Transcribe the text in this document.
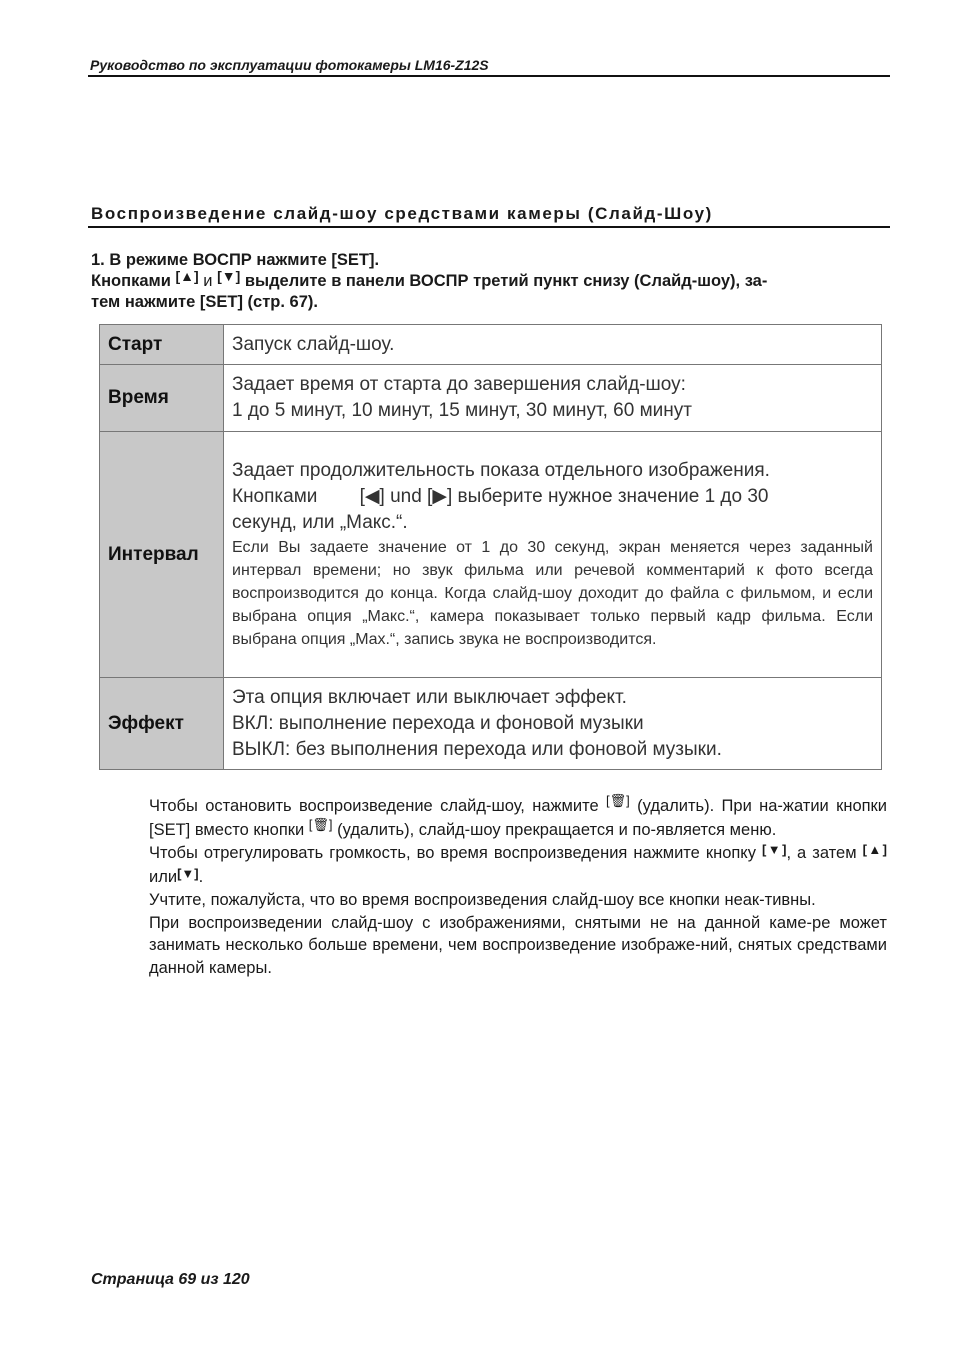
Руководство по эксплуатации фотокамеры LM16-Z12S
Воспроизведение слайд-шоу средствами камеры (Слайд-Шоу)

1. В режиме ВОСПР нажмите [SET].

Кнопками [▲] и [▼] выделите в панели ВОСПР третий пункт снизу (Слайд-шоу), за-

тем нажмите [SET] (стр. 67).

Старт	Запуск слайд-шоу.

Время	Задает время от старта до завершения слайд-шоу:
1 до 5 минут, 10 минут, 15 минут, 30 минут, 60 минут

Интервал	Задает продолжительность показа отдельного изображения.
Кнопками        [◀] und [▶] выберите нужное значение 1 до 30
секунд, или „Макс.“.
Если Вы задаете значение от 1 до 30 секунд, экран меняется через заданный интервал времени; но звук фильма или речевой комментарий к фото всегда воспроизводится до конца. Когда слайд-шоу доходит до файла с фильмом, и если выбрана опция „Макс.“, камера показывает только первый кадр фильма. Если выбрана опция „Max.“, запись звука не воспроизводится.

Эффект	Эта опция включает или выключает эффект.
ВКЛ: выполнение перехода и фоновой музыки
ВЫКЛ: без выполнения перехода или фоновой музыки.

Чтобы остановить воспроизведение слайд-шоу, нажмите [🗑] (удалить). При на-жатии кнопки [SET] вместо кнопки [🗑] (удалить), слайд-шоу прекращается и по-является меню.

Чтобы отрегулировать громкость, во время воспроизведения нажмите кнопку [▼], а затем [▲] или[▼].

Учтите, пожалуйста, что во время воспроизведения слайд-шоу все кнопки неак-тивны.

При воспроизведении слайд-шоу с изображениями, снятыми не на данной каме-ре может занимать несколько больше времени, чем воспроизведение изображе-ний, снятых средствами данной камеры.

Страница 69 из 120
